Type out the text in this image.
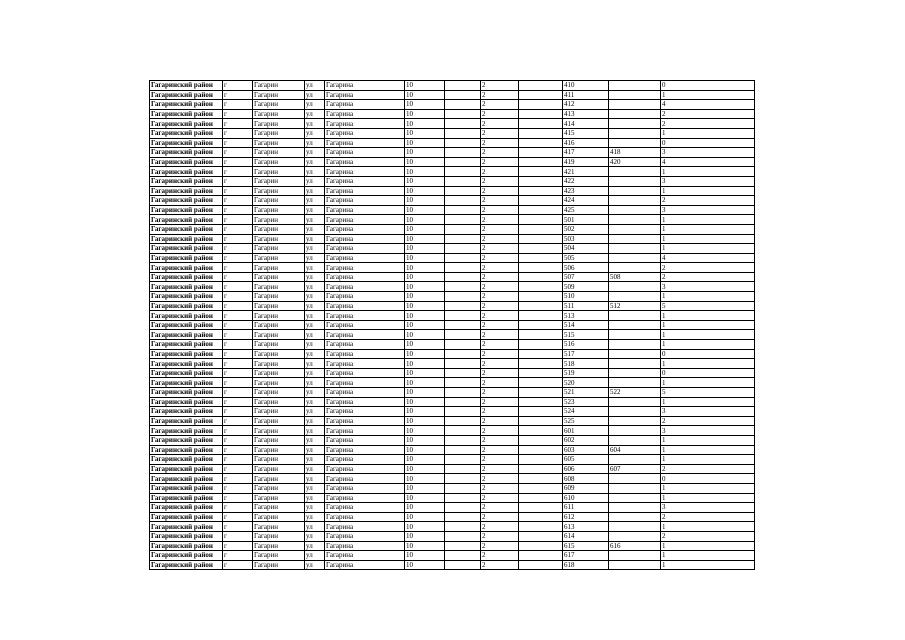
Гагаринский район	г	Гагарин	ул	Гагарина	10		2		410		0
Гагаринский район	г	Гагарин	ул	Гагарина	10		2		411		1
Гагаринский район	г	Гагарин	ул	Гагарина	10		2		412		4
Гагаринский район	г	Гагарин	ул	Гагарина	10		2		413		2
Гагаринский район	г	Гагарин	ул	Гагарина	10		2		414		2
Гагаринский район	г	Гагарин	ул	Гагарина	10		2		415		1
Гагаринский район	г	Гагарин	ул	Гагарина	10		2		416		0
Гагаринский район	г	Гагарин	ул	Гагарина	10		2		417	418	3
Гагаринский район	г	Гагарин	ул	Гагарина	10		2		419	420	4
Гагаринский район	г	Гагарин	ул	Гагарина	10		2		421		1
Гагаринский район	г	Гагарин	ул	Гагарина	10		2		422		3
Гагаринский район	г	Гагарин	ул	Гагарина	10		2		423		1
Гагаринский район	г	Гагарин	ул	Гагарина	10		2		424		2
Гагаринский район	г	Гагарин	ул	Гагарина	10		2		425		3
Гагаринский район	г	Гагарин	ул	Гагарина	10		2		501		1
Гагаринский район	г	Гагарин	ул	Гагарина	10		2		502		1
Гагаринский район	г	Гагарин	ул	Гагарина	10		2		503		1
Гагаринский район	г	Гагарин	ул	Гагарина	10		2		504		1
Гагаринский район	г	Гагарин	ул	Гагарина	10		2		505		4
Гагаринский район	г	Гагарин	ул	Гагарина	10		2		506		2
Гагаринский район	г	Гагарин	ул	Гагарина	10		2		507	508	2
Гагаринский район	г	Гагарин	ул	Гагарина	10		2		509		3
Гагаринский район	г	Гагарин	ул	Гагарина	10		2		510		1
Гагаринский район	г	Гагарин	ул	Гагарина	10		2		511	512	5
Гагаринский район	г	Гагарин	ул	Гагарина	10		2		513		1
Гагаринский район	г	Гагарин	ул	Гагарина	10		2		514		1
Гагаринский район	г	Гагарин	ул	Гагарина	10		2		515		1
Гагаринский район	г	Гагарин	ул	Гагарина	10		2		516		1
Гагаринский район	г	Гагарин	ул	Гагарина	10		2		517		0
Гагаринский район	г	Гагарин	ул	Гагарина	10		2		518		1
Гагаринский район	г	Гагарин	ул	Гагарина	10		2		519		0
Гагаринский район	г	Гагарин	ул	Гагарина	10		2		520		1
Гагаринский район	г	Гагарин	ул	Гагарина	10		2		521	522	5
Гагаринский район	г	Гагарин	ул	Гагарина	10		2		523		1
Гагаринский район	г	Гагарин	ул	Гагарина	10		2		524		3
Гагаринский район	г	Гагарин	ул	Гагарина	10		2		525		2
Гагаринский район	г	Гагарин	ул	Гагарина	10		2		601		3
Гагаринский район	г	Гагарин	ул	Гагарина	10		2		602		1
Гагаринский район	г	Гагарин	ул	Гагарина	10		2		603	604	1
Гагаринский район	г	Гагарин	ул	Гагарина	10		2		605		1
Гагаринский район	г	Гагарин	ул	Гагарина	10		2		606	607	2
Гагаринский район	г	Гагарин	ул	Гагарина	10		2		608		0
Гагаринский район	г	Гагарин	ул	Гагарина	10		2		609		1
Гагаринский район	г	Гагарин	ул	Гагарина	10		2		610		1
Гагаринский район	г	Гагарин	ул	Гагарина	10		2		611		3
Гагаринский район	г	Гагарин	ул	Гагарина	10		2		612		2
Гагаринский район	г	Гагарин	ул	Гагарина	10		2		613		1
Гагаринский район	г	Гагарин	ул	Гагарина	10		2		614		2
Гагаринский район	г	Гагарин	ул	Гагарина	10		2		615	616	1
Гагаринский район	г	Гагарин	ул	Гагарина	10		2		617		1
Гагаринский район	г	Гагарин	ул	Гагарина	10		2		618		1
